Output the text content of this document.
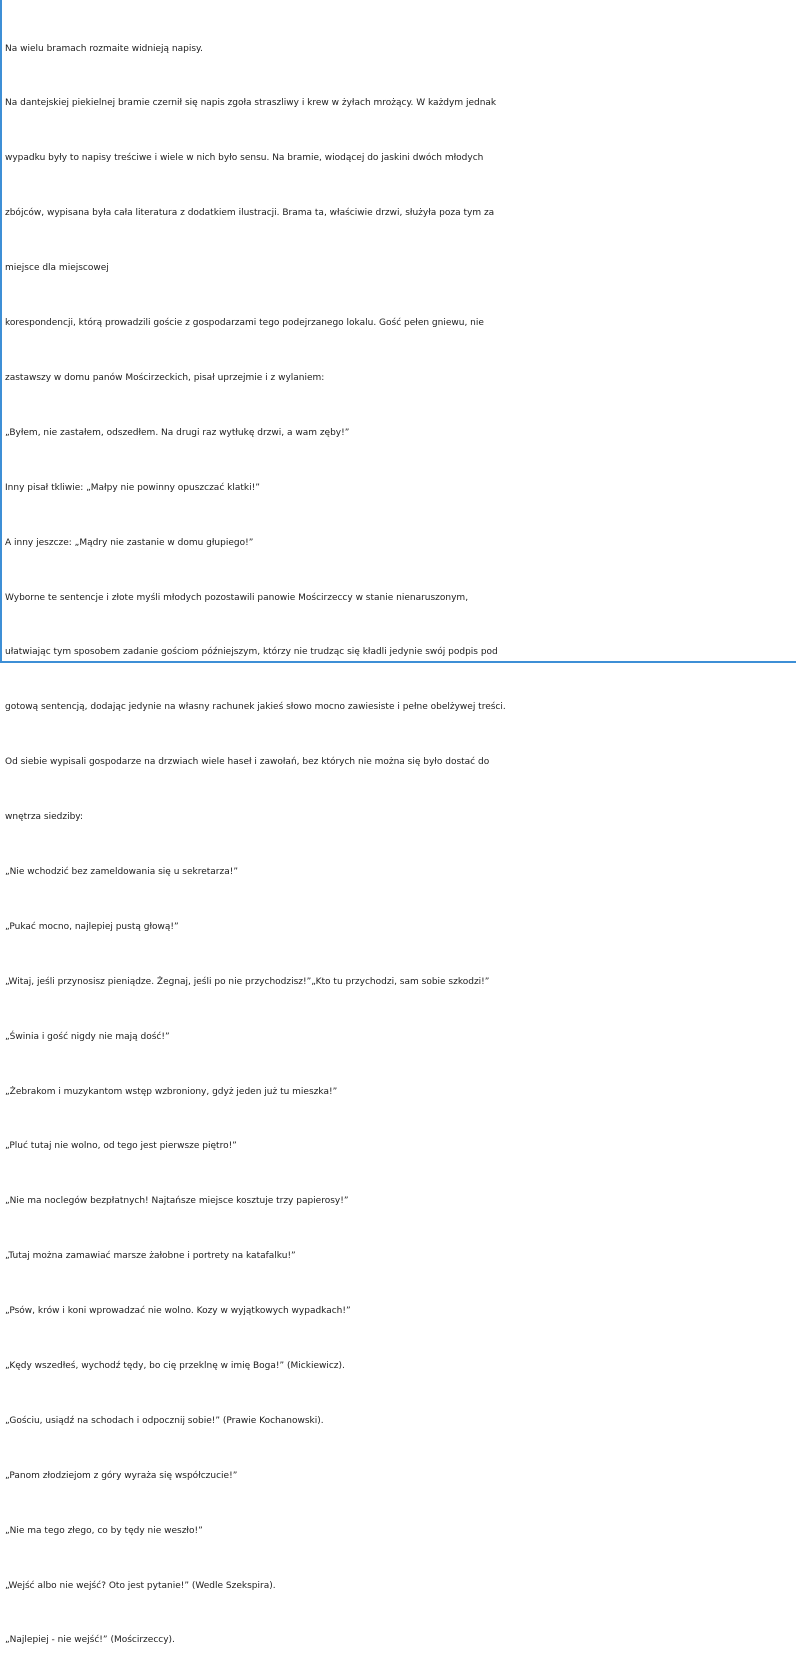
Na wielu bramach rozmaite widnieją napisy.

Na dantejskiej piekielnej bramie czernił się napis zgoła straszliwy i krew w żyłach mrożący. W każdym jednak

wypadku były to napisy treściwe i wiele w nich było sensu. Na bramie, wiodącej do jaskini dwóch młodych

zbójców, wypisana była cała literatura z dodatkiem ilustracji. Brama ta, właściwie drzwi, służyła poza tym za

miejsce dla miejscowej

korespondencji, którą prowadzili goście z gospodarzami tego podejrzanego lokalu. Gość pełen gniewu, nie

zastawszy w domu panów Mościrzeckich, pisał uprzejmie i z wylaniem:

„Byłem, nie zastałem, odszedłem. Na drugi raz wytłukę drzwi, a wam zęby!”

Inny pisał tkliwie: „Małpy nie powinny opuszczać klatki!”

A inny jeszcze: „Mądry nie zastanie w domu głupiego!”

Wyborne te sentencje i złote myśli młodych pozostawili panowie Mościrzeccy w stanie nienaruszonym,

ułatwiając tym sposobem zadanie gościom późniejszym, którzy nie trudząc się kładli jedynie swój podpis pod

gotową sentencją, dodając jedynie na własny rachunek jakieś słowo mocno zawiesiste i pełne obelżywej treści.

Od siebie wypisali gospodarze na drzwiach wiele haseł i zawołań, bez których nie można się było dostać do

wnętrza siedziby:

„Nie wchodzić bez zameldowania się u sekretarza!”

„Pukać mocno, najlepiej pustą głową!”

„Witaj, jeśli przynosisz pieniądze. Żegnaj, jeśli po nie przychodzisz!”„Kto tu przychodzi, sam sobie szkodzi!”

„Świnia i gość nigdy nie mają dość!”

„Żebrakom i muzykantom wstęp wzbroniony, gdyż jeden już tu mieszka!”

„Pluć tutaj nie wolno, od tego jest pierwsze piętro!”

„Nie ma noclegów bezpłatnych! Najtańsze miejsce kosztuje trzy papierosy!”

„Tutaj można zamawiać marsze żałobne i portrety na katafalku!”

„Psów, krów i koni wprowadzać nie wolno. Kozy w wyjątkowych wypadkach!”

„Kędy wszedłeś, wychodź tędy, bo cię przeklnę w imię Boga!” (Mickiewicz).

„Gościu, usiądź na schodach i odpocznij sobie!” (Prawie Kochanowski).

„Panom złodziejom z góry wyraża się współczucie!”

„Nie ma tego złego, co by tędy nie weszło!”

„Wejść albo nie wejść? Oto jest pytanie!” (Wedle Szekspira).

„Najlepiej - nie wejść!” (Mościrzeccy).
